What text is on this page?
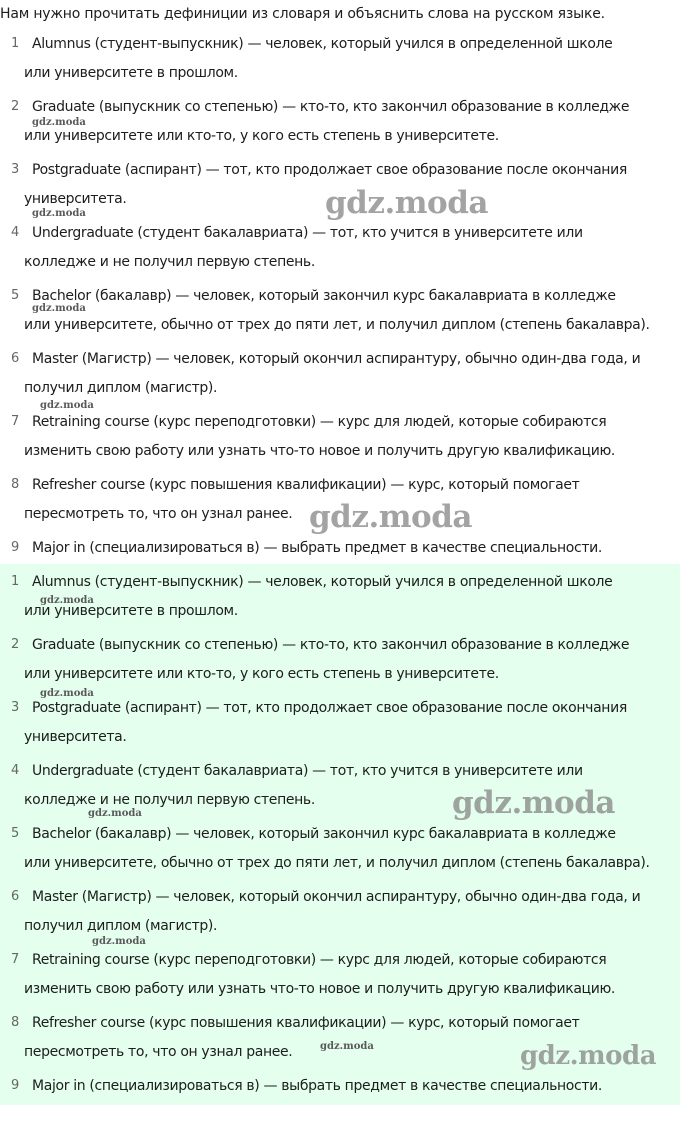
Нам нужно прочитать дефиниции из словаря и объяснить слова на русском языке.
1 Alumnus (студент-выпускник) — человек, который учился в определенной школе
или университете в прошлом.
2 Graduate (выпускник со степенью) — кто-то, кто закончил образование в колледже
или университете или кто-то, у кого есть степень в университете.
3 Postgraduate (аспирант) — тот, кто продолжает свое образование после окончания
университета.
4 Undergraduate (студент бакалавриата) — тот, кто учится в университете или
колледже и не получил первую степень.
5 Bachelor (бакалавр) — человек, который закончил курс бакалавриата в колледже
или университете, обычно от трех до пяти лет, и получил диплом (степень бакалавра).
6 Master (Магистр) — человек, который окончил аспирантуру, обычно один-два года, и
получил диплом (магистр).
7 Retraining course (курс переподготовки) — курс для людей, которые собираются
изменить свою работу или узнать что-то новое и получить другую квалификацию.
8 Refresher course (курс повышения квалификации) — курс, который помогает
пересмотреть то, что он узнал ранее.
9 Major in (специализироваться в) — выбрать предмет в качестве специальности.
1 Alumnus (студент-выпускник) — человек, который учился в определенной школе
или университете в прошлом.
2 Graduate (выпускник со степенью) — кто-то, кто закончил образование в колледже
или университете или кто-то, у кого есть степень в университете.
3 Postgraduate (аспирант) — тот, кто продолжает свое образование после окончания
университета.
4 Undergraduate (студент бакалавриата) — тот, кто учится в университете или
колледже и не получил первую степень.
5 Bachelor (бакалавр) — человек, который закончил курс бакалавриата в колледже
или университете, обычно от трех до пяти лет, и получил диплом (степень бакалавра).
6 Master (Магистр) — человек, который окончил аспирантуру, обычно один-два года, и
получил диплом (магистр).
7 Retraining course (курс переподготовки) — курс для людей, которые собираются
изменить свою работу или узнать что-то новое и получить другую квалификацию.
8 Refresher course (курс повышения квалификации) — курс, который помогает
пересмотреть то, что он узнал ранее.
9 Major in (специализироваться в) — выбрать предмет в качестве специальности.
gdz.moda
gdz.moda
gdz.moda
gdz.moda
gdz.moda
gdz.moda
gdz.moda
gdz.moda
gdz.moda
gdz.moda
gdz.moda
gdz.moda
gdz.moda
